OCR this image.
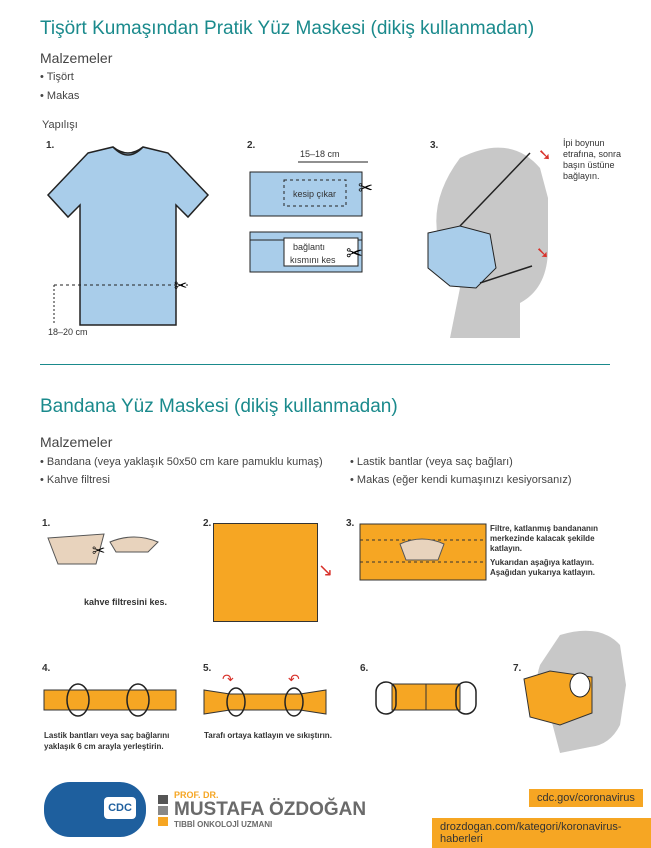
Tişört Kumaşından Pratik Yüz Maskesi (dikiş kullanmadan)
Malzemeler
• Tişört
• Makas
Yapılışı
1.
✂
18–20 cm
2.
15–18 cm
✂
✂
kesip çıkar
bağlantı
kısmını kes
3.	➘
➘
İpi boynun
etrafına, sonra
başın üstüne
bağlayın.
Bandana Yüz Maskesi (dikiş kullanmadan)
Malzemeler
• Bandana (veya yaklaşık 50x50 cm kare pamuklu kumaş)
• Kahve filtresi
• Lastik bantlar (veya saç bağları)
• Makas (eğer kendi kumaşınızı kesiyorsanız)
1.
✂
kahve filtresini kes.
2.
↘
3.	Filtre, katlanmış bandananın
merkezinde kalacak şekilde
katlayın.
Yukarıdan aşağıya katlayın.
Aşağıdan yukarıya katlayın.
4.
Lastik bantları veya saç bağlarını
yaklaşık 6 cm arayla yerleştirin.
5.
↷	↶
Tarafı ortaya katlayın ve sıkıştırın.
6.	7.
CDC
PROF. DR.
MUSTAFA ÖZDOĞAN
TIBBİ ONKOLOJİ UZMANI
cdc.gov/coronavirus
drozdogan.com/kategori/koronavirus-haberleri
